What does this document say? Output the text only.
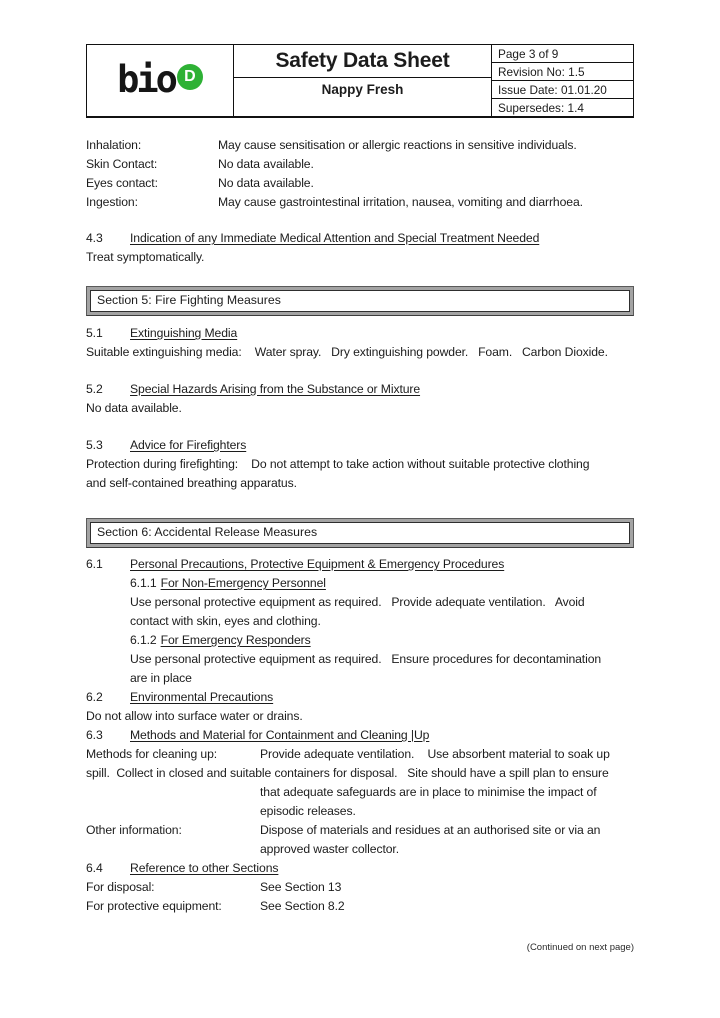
bio D
Safety Data Sheet
Nappy Fresh
Page 3 of 9
Revision No: 1.5
Issue Date: 01.01.20
Supersedes: 1.4
Inhalation:	May cause sensitisation or allergic reactions in sensitive individuals.
Skin Contact:	No data available.
Eyes contact:	No data available.
Ingestion:	May cause gastrointestinal irritation, nausea, vomiting and diarrhoea.
4.3 Indication of any Immediate Medical Attention and Special Treatment Needed
Treat symptomatically.
Section 5: Fire Fighting Measures
5.1 Extinguishing Media
Suitable extinguishing media:    Water spray.   Dry extinguishing powder.   Foam.   Carbon Dioxide.
5.2 Special Hazards Arising from the Substance or Mixture
No data available.
5.3 Advice for Firefighters
Protection during firefighting:    Do not attempt to take action without suitable protective clothing
and self-contained breathing apparatus.
Section 6: Accidental Release Measures
6.1 Personal Precautions, Protective Equipment & Emergency Procedures
6.1.1 For Non-Emergency Personnel
Use personal protective equipment as required.   Provide adequate ventilation.   Avoid
contact with skin, eyes and clothing.
6.1.2 For Emergency Responders
Use personal protective equipment as required.   Ensure procedures for decontamination
are in place
6.2 Environmental Precautions
Do not allow into surface water or drains.
6.3 Methods and Material for Containment and Cleaning |Up
Methods for cleaning up:	Provide adequate ventilation.    Use absorbent material to soak up
spill.  Collect in closed and suitable containers for disposal.   Site should have a spill plan to ensure
that adequate safeguards are in place to minimise the impact of
episodic releases.
Other information:	Dispose of materials and residues at an authorised site or via an
approved waster collector.
6.4 Reference to other Sections
For disposal:	See Section 13
For protective equipment:	See Section 8.2
(Continued on next page)
